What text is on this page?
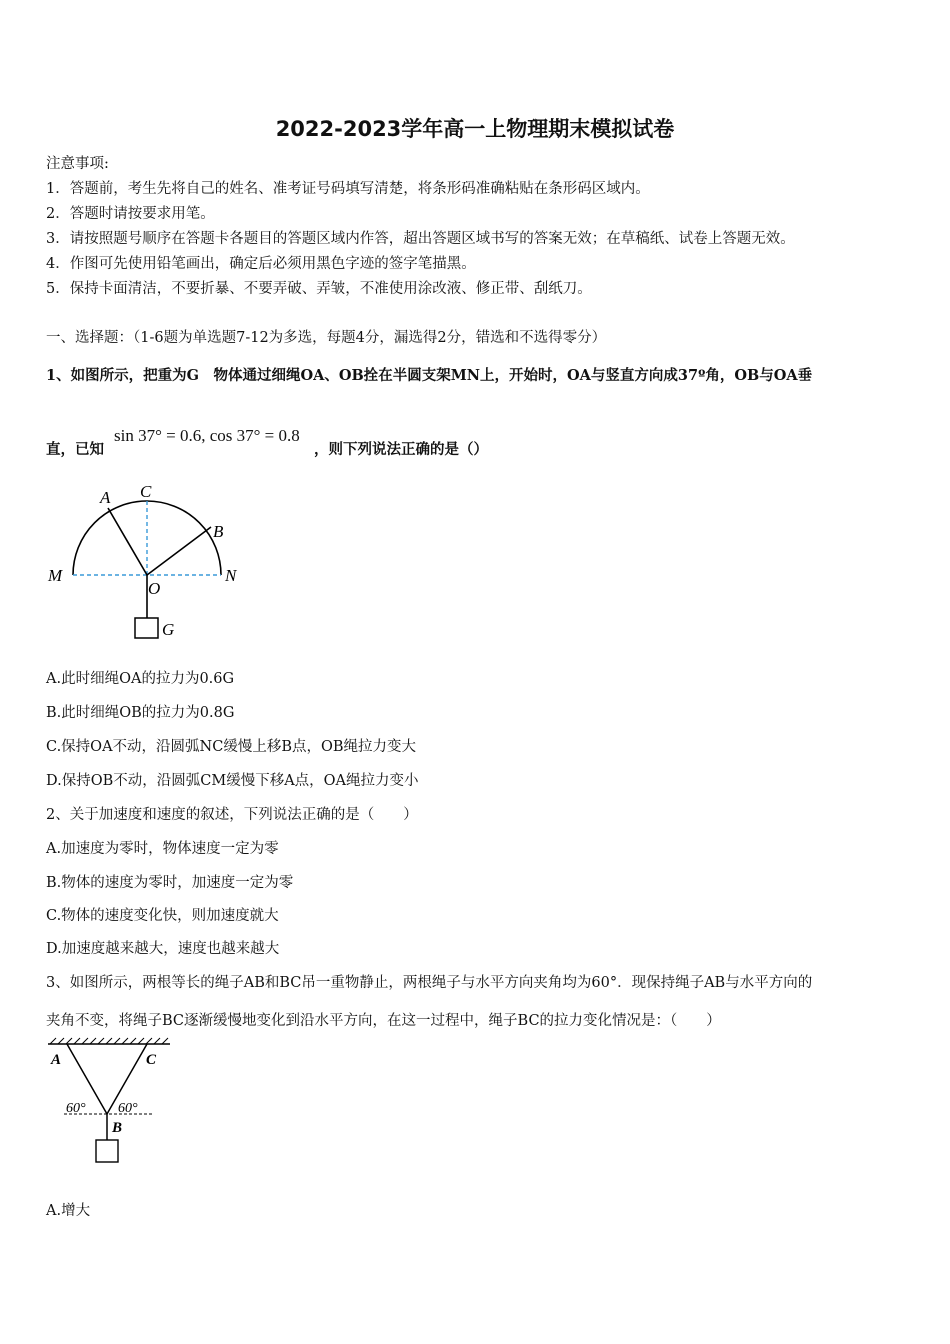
2022-2023学年高一上物理期末模拟试卷
注意事项:
1．答题前，考生先将自己的姓名、准考证号码填写清楚，将条形码准确粘贴在条形码区域内。
2．答题时请按要求用笔。
3．请按照题号顺序在答题卡各题目的答题区域内作答，超出答题区域书写的答案无效；在草稿纸、试卷上答题无效。
4．作图可先使用铅笔画出，确定后必须用黑色字迹的签字笔描黑。
5．保持卡面清洁，不要折暴、不要弄破、弄皱，不准使用涂改液、修正带、刮纸刀。
一、选择题：（1-6题为单选题7-12为多选，每题4分，漏选得2分，错选和不选得零分）
1、如图所示，把重为G　物体通过细绳OA、OB拴在半圆支架MN上，开始时，OA与竖直方向成37º角，OB与OA垂
直，已知
sin 37° = 0.6, cos 37° = 0.8
，则下列说法正确的是（）
A C
B
M	N
O
G
A.此时细绳OA的拉力为0.6G
B.此时细绳OB的拉力为0.8G
C.保持OA不动，沿圆弧NC缓慢上移B点，OB绳拉力变大
D.保持OB不动，沿圆弧CM缓慢下移A点，OA绳拉力变小
2、关于加速度和速度的叙述，下列说法正确的是（　　）
A.加速度为零时，物体速度一定为零
B.物体的速度为零时，加速度一定为零
C.物体的速度变化快，则加速度就大
D.加速度越来越大，速度也越来越大
3、如图所示，两根等长的绳子AB和BC吊一重物静止，两根绳子与水平方向夹角均为60°．现保持绳子AB与水平方向的
夹角不变，将绳子BC逐渐缓慢地变化到沿水平方向，在这一过程中，绳子BC的拉力变化情况是：（　　）
A	C
B
60° 60°
A.增大
